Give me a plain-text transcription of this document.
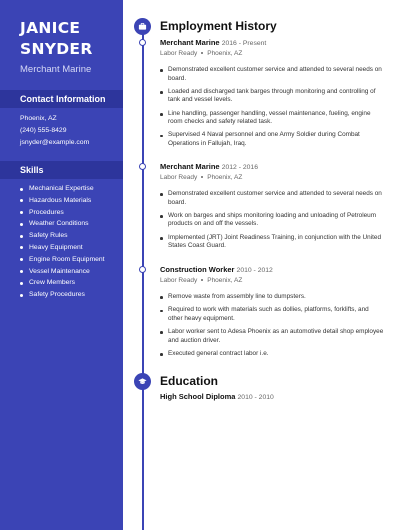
JANICE
SNYDER
Merchant Marine
Contact Information
Phoenix, AZ
(240) 555-8429
jsnyder@example.com
Skills
Mechanical Expertise
Hazardous Materials
Procedures
Weather Conditions
Safety Rules
Heavy Equipment
Engine Room Equipment
Vessel Maintenance
Crew Members
Safety Procedures
Employment History
Merchant Marine 2016 - Present
Labor Ready Phoenix, AZ
Demonstrated excellent customer service and attended to several needs on board.
Loaded and discharged tank barges through monitoring and controlling of tank and vessel levels.
Line handling, passenger handling, vessel maintenance, fueling, engine room checks and safety related task.
Supervised 4 Naval personnel and one Army Soldier during Combat Operations in Fallujah, Iraq.
Merchant Marine 2012 - 2016
Labor Ready Phoenix, AZ
Demonstrated excellent customer service and attended to several needs on board.
Work on barges and ships monitoring loading and unloading of Petroleum products on and off the vessels.
Implemented (JRT) Joint Readiness Training, in conjunction with the United States Coast Guard.
Construction Worker 2010 - 2012
Labor Ready Phoenix, AZ
Remove waste from assembly line to dumpsters.
Required to work with materials such as dollies, platforms, forklifts, and other heavy equipment.
Labor worker sent to Adesa Phoenix as an automotive detail shop employee and auction driver.
Executed general contract labor i.e.
Education
High School Diploma 2010 - 2010
